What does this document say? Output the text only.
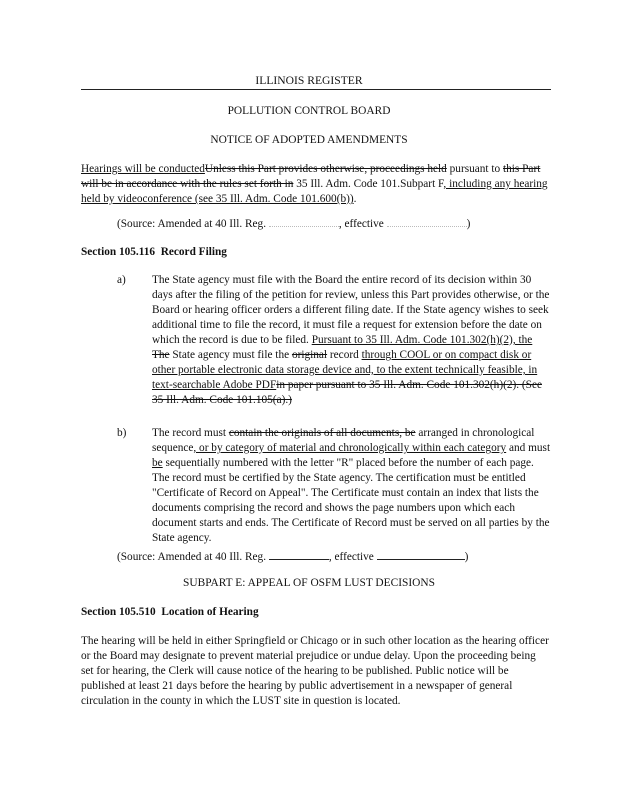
ILLINOIS REGISTER
POLLUTION CONTROL BOARD
NOTICE OF ADOPTED AMENDMENTS
Hearings will be conductedUnless this Part provides otherwise, proceedings held pursuant to this Part will be in accordance with the rules set forth in 35 Ill. Adm. Code 101.Subpart F, including any hearing held by videoconference (see 35 Ill. Adm. Code 101.600(b)).
(Source: Amended at 40 Ill. Reg.	, effective	)
Section 105.116 Record Filing
a)	The State agency must file with the Board the entire record of its decision within 30 days after the filing of the petition for review, unless this Part provides otherwise, or the Board or hearing officer orders a different filing date. If the State agency wishes to seek additional time to file the record, it must file a request for extension before the date on which the record is due to be filed. Pursuant to 35 Ill. Adm. Code 101.302(h)(2), the The State agency must file the original record through COOL or on compact disk or other portable electronic data storage device and, to the extent technically feasible, in text-searchable Adobe PDFin paper pursuant to 35 Ill. Adm. Code 101.302(h)(2). (See 35 Ill. Adm. Code 101.105(a).)
b)	The record must contain the originals of all documents, be arranged in chronological sequence, or by category of material and chronologically within each category and must be sequentially numbered with the letter "R" placed before the number of each page. The record must be certified by the State agency. The certification must be entitled "Certificate of Record on Appeal". The Certificate must contain an index that lists the documents comprising the record and shows the page numbers upon which each document starts and ends. The Certificate of Record must be served on all parties by the State agency.
(Source: Amended at 40 Ill. Reg.	, effective	)
SUBPART E: APPEAL OF OSFM LUST DECISIONS
Section 105.510 Location of Hearing
The hearing will be held in either Springfield or Chicago or in such other location as the hearing officer or the Board may designate to prevent material prejudice or undue delay. Upon the proceeding being set for hearing, the Clerk will cause notice of the hearing to be published. Public notice will be published at least 21 days before the hearing by public advertisement in a newspaper of general circulation in the county in which the LUST site in question is located.
